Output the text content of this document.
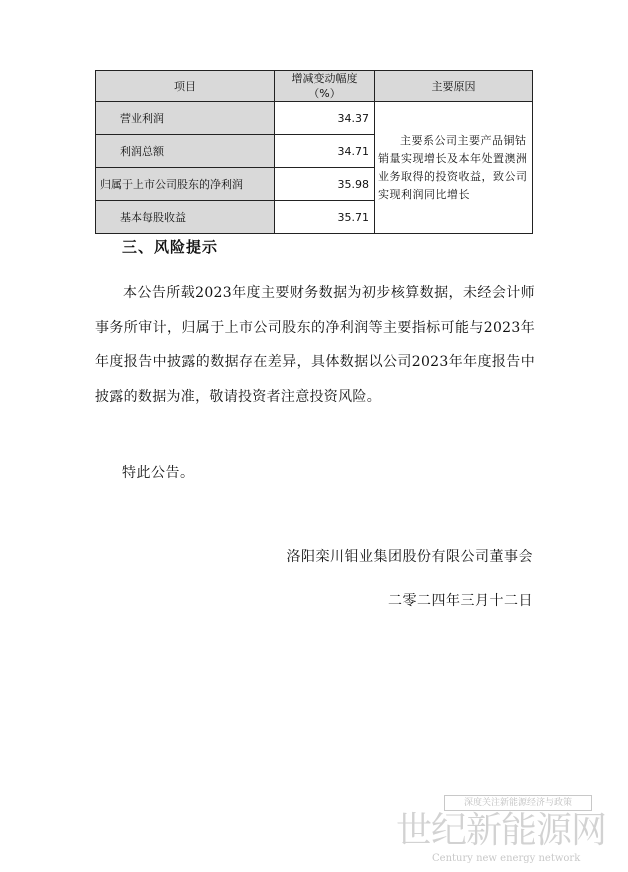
项目	增减变动幅度（%）	主要原因
营业利润	34.37	主要系公司主要产品铜钴销量实现增长及本年处置澳洲业务取得的投资收益，致公司实现利润同比增长

利润总额	34.71	
归属于上市公司股东的净利润	35.98	
基本每股收益	35.71	
三、风险提示
本公告所载2023年度主要财务数据为初步核算数据，未经会计师事务所审计，归属于上市公司股东的净利润等主要指标可能与2023年年度报告中披露的数据存在差异，具体数据以公司2023年年度报告中披露的数据为准，敬请投资者注意投资风险。
特此公告。
洛阳栾川钼业集团股份有限公司董事会
二零二四年三月十二日
深度关注新能源经济与政策
世纪新能源网
Century new energy network
